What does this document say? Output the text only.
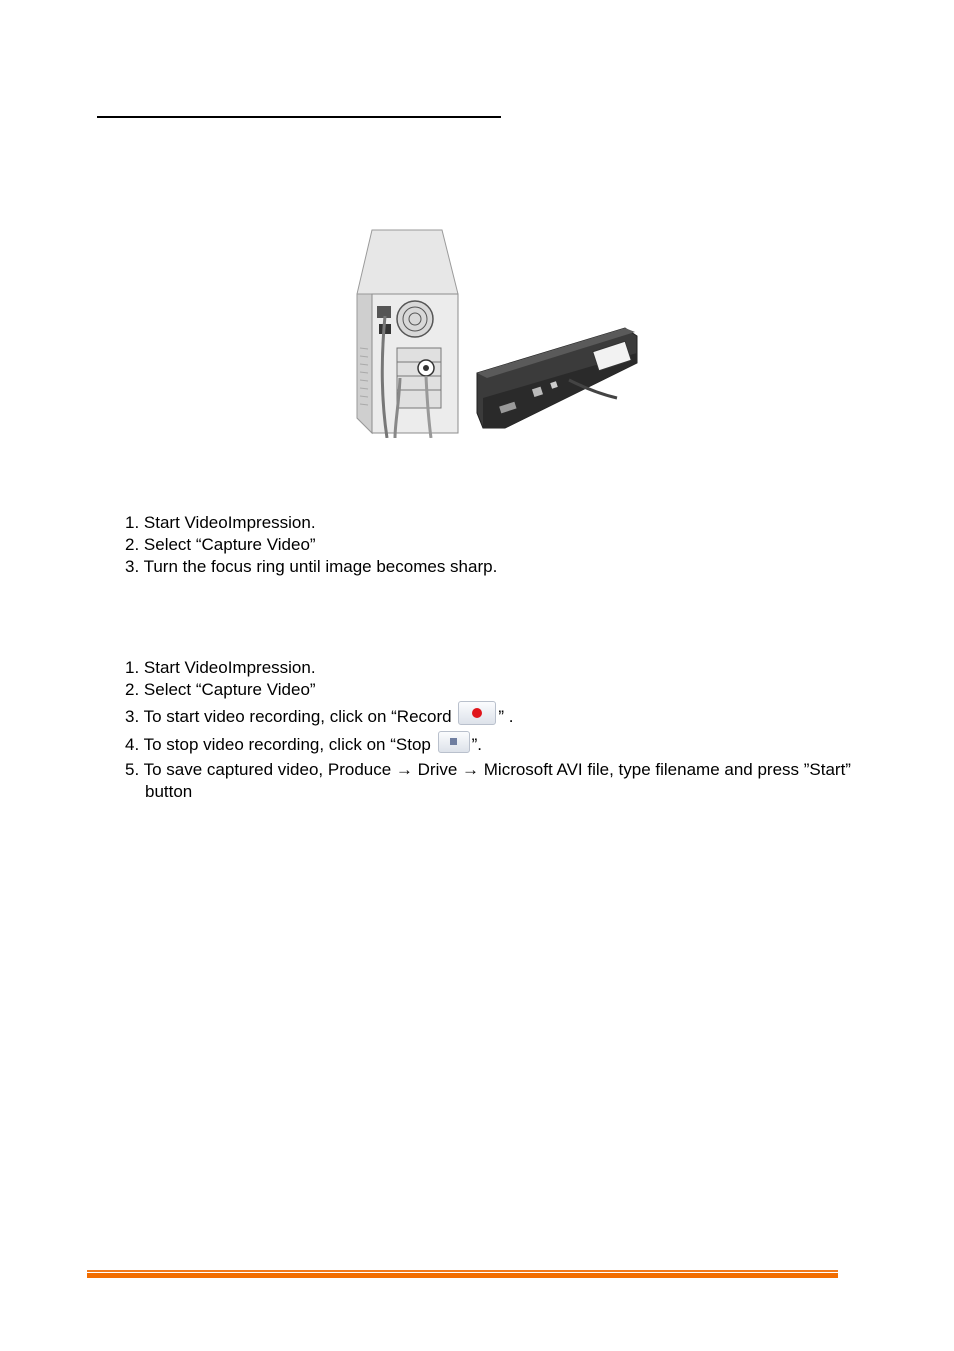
1. Start VideoImpression.
2. Select “Capture Video”
3. Turn the focus ring until image becomes sharp.
1. Start VideoImpression.
2. Select “Capture Video”
3. To start video recording, click on “Record	” .
4. To stop video recording, click on “Stop ”.
5. To save captured video, Produce → Drive → Microsoft AVI file, type filename and press ”Start” button
